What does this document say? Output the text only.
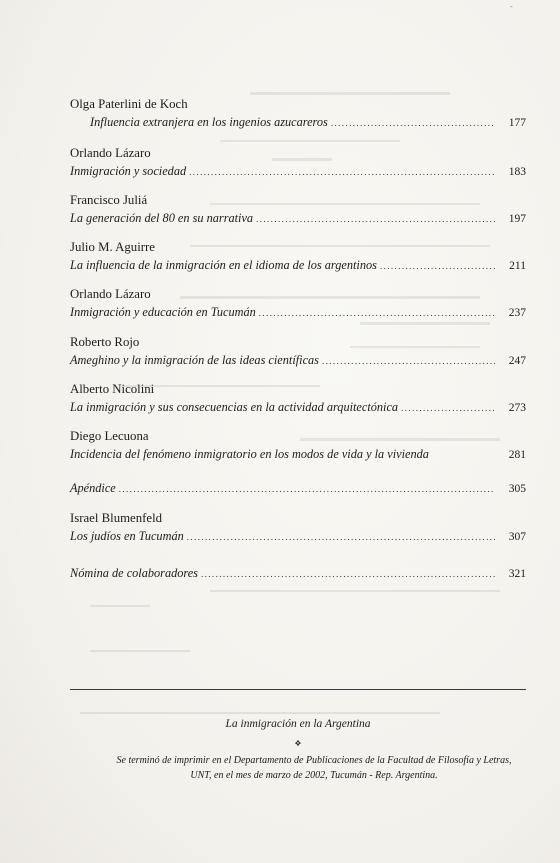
-
Olga Paterlini de Koch
Influencia extranjera en los ingenios azucareros .....	177
Orlando Lázaro
Inmigración y sociedad .....	183
Francisco Juliá
La generación del 80 en su narrativa .....	197
Julio M. Aguirre
La influencia de la inmigración en el idioma de los argentinos .....	211
Orlando Lázaro
Inmigración y educación en Tucumán .....	237
Roberto Rojo
Ameghino y la inmigración de las ideas científicas .....	247
Alberto Nicolini
La inmigración y sus consecuencias en la actividad arquitectónica .....	273
Diego Lecuona
Incidencia del fenómeno inmigratorio en los modos de vida y la vivienda	281
Apéndice .....	305
Israel Blumenfeld
Los judíos en Tucumán .....	307
Nómina de colaboradores .....	321
La inmigración en la Argentina
❖
Se terminó de imprimir en el Departamento de Publicaciones de la Facultad de Filosofía y Letras, UNT, en el mes de marzo de 2002, Tucumán - Rep. Argentina.
